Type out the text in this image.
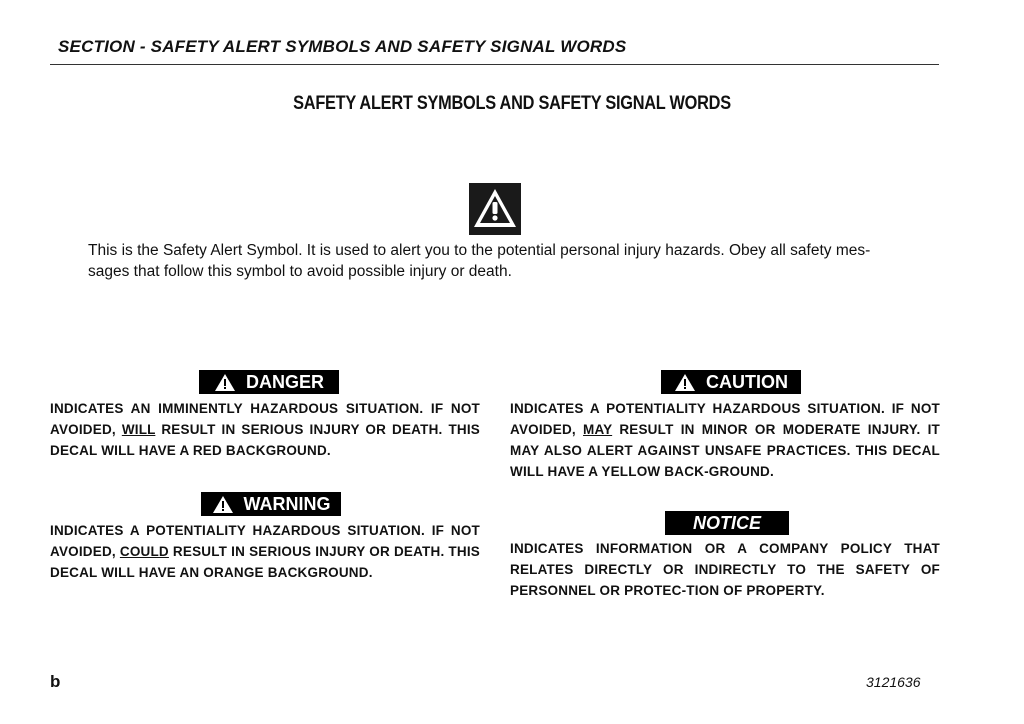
SECTION - SAFETY ALERT SYMBOLS AND SAFETY SIGNAL WORDS
SAFETY ALERT SYMBOLS AND SAFETY SIGNAL WORDS
This is the Safety Alert Symbol. It is used to alert you to the potential personal injury hazards. Obey all safety mes-
sages that follow this symbol to avoid possible injury or death.
DANGER
INDICATES AN IMMINENTLY HAZARDOUS SITUATION. IF NOT AVOIDED, WILL RESULT IN SERIOUS INJURY OR DEATH. THIS DECAL WILL HAVE A RED BACKGROUND.
WARNING
INDICATES A POTENTIALITY HAZARDOUS SITUATION. IF NOT AVOIDED, COULD RESULT IN SERIOUS INJURY OR DEATH. THIS DECAL WILL HAVE AN ORANGE BACKGROUND.
CAUTION
INDICATES A POTENTIALITY HAZARDOUS SITUATION. IF NOT AVOIDED, MAY RESULT IN MINOR OR MODERATE INJURY. IT MAY ALSO ALERT AGAINST UNSAFE PRACTICES. THIS DECAL WILL HAVE A YELLOW BACK-GROUND.
NOTICE
INDICATES INFORMATION OR A COMPANY POLICY THAT RELATES DIRECTLY OR INDIRECTLY TO THE SAFETY OF PERSONNEL OR PROTEC-TION OF PROPERTY.
b	3121636
